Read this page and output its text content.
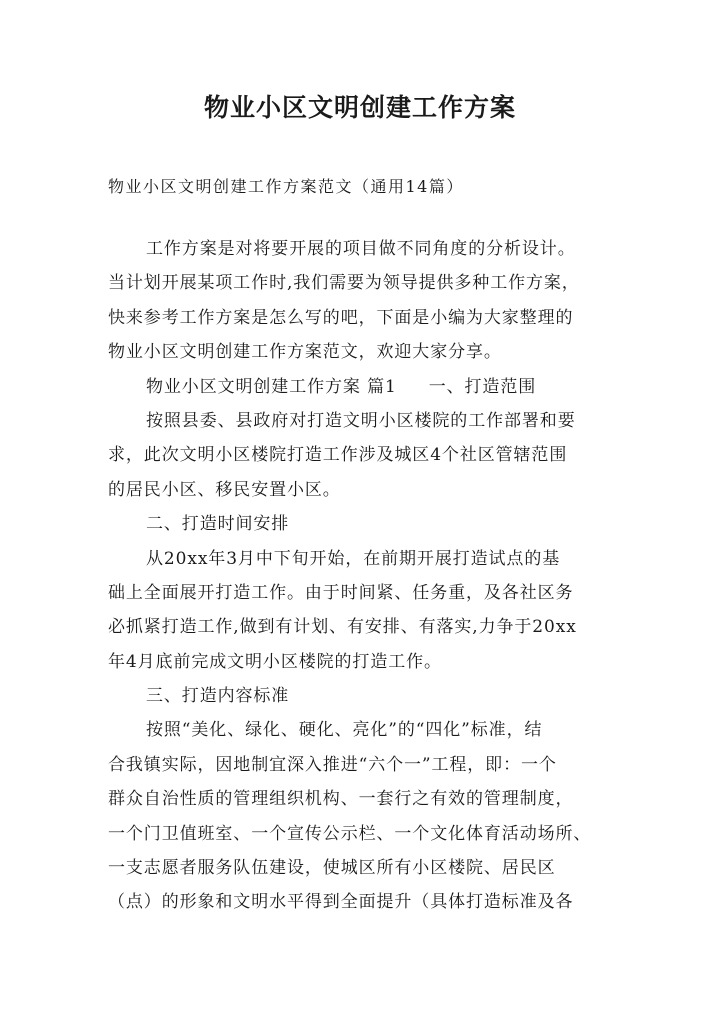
物业小区文明创建工作方案
物业小区文明创建工作方案范文（通用14篇）
工作方案是对将要开展的项目做不同角度的分析设计。
当计划开展某项工作时,我们需要为领导提供多种工作方案，
快来参考工作方案是怎么写的吧，下面是小编为大家整理的
物业小区文明创建工作方案范文，欢迎大家分享。
物业小区文明创建工作方案 篇1 一、打造范围
按照县委、县政府对打造文明小区楼院的工作部署和要
求，此次文明小区楼院打造工作涉及城区4个社区管辖范围
的居民小区、移民安置小区。
二、打造时间安排
从20xx年3月中下旬开始，在前期开展打造试点的基
础上全面展开打造工作。由于时间紧、任务重，及各社区务
必抓紧打造工作,做到有计划、有安排、有落实,力争于20xx
年4月底前完成文明小区楼院的打造工作。
三、打造内容标准
按照“美化、绿化、硬化、亮化”的“四化”标准，结
合我镇实际，因地制宜深入推进“六个一”工程，即：一个
群众自治性质的管理组织机构、一套行之有效的管理制度，
一个门卫值班室、一个宣传公示栏、一个文化体育活动场所、
一支志愿者服务队伍建设，使城区所有小区楼院、居民区
（点）的形象和文明水平得到全面提升（具体打造标准及各
